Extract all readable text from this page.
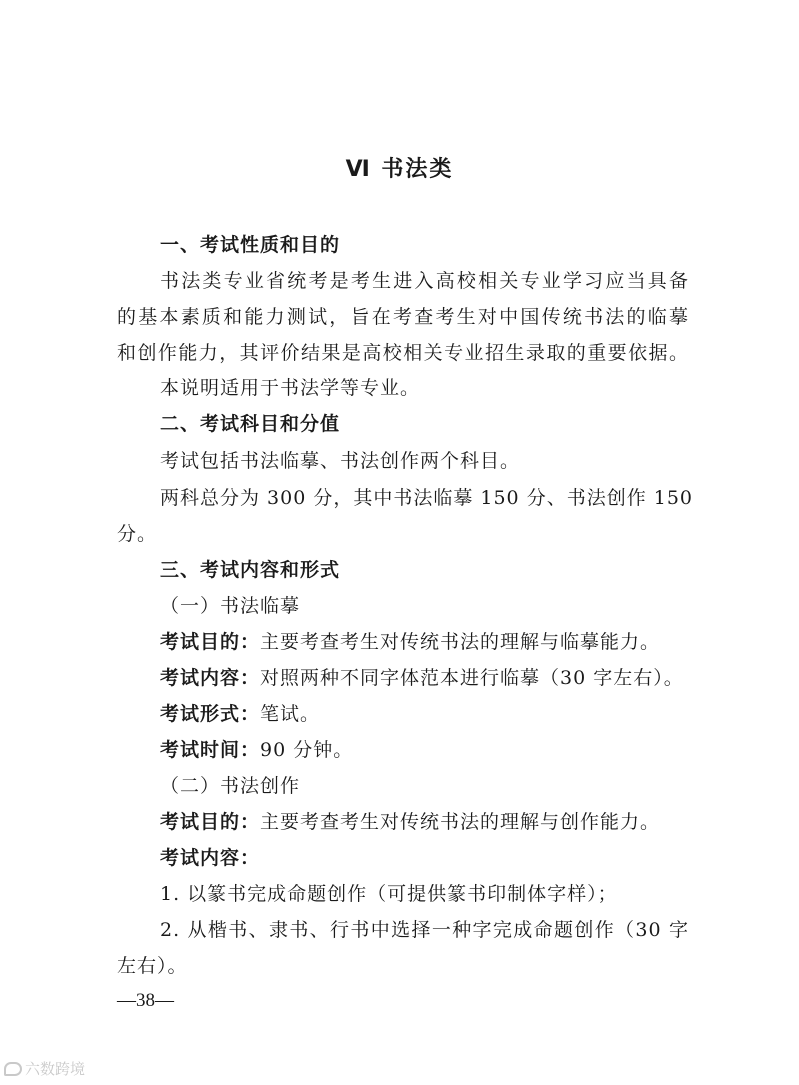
Ⅵ 书法类
一、考试性质和目的
书法类专业省统考是考生进入高校相关专业学习应当具备
的基本素质和能力测试，旨在考查考生对中国传统书法的临摹
和创作能力，其评价结果是高校相关专业招生录取的重要依据。
本说明适用于书法学等专业。
二、考试科目和分值
考试包括书法临摹、书法创作两个科目。
两科总分为 300 分，其中书法临摹 150 分、书法创作 150
分。
三、考试内容和形式
（一）书法临摹
考试目的：主要考查考生对传统书法的理解与临摹能力。
考试内容：对照两种不同字体范本进行临摹（30 字左右）。
考试形式：笔试。
考试时间：90 分钟。
（二）书法创作
考试目的：主要考查考生对传统书法的理解与创作能力。
考试内容：
1. 以篆书完成命题创作（可提供篆书印制体字样）；
2. 从楷书、隶书、行书中选择一种字完成命题创作（30 字
左右）。
—38—
六数跨境
